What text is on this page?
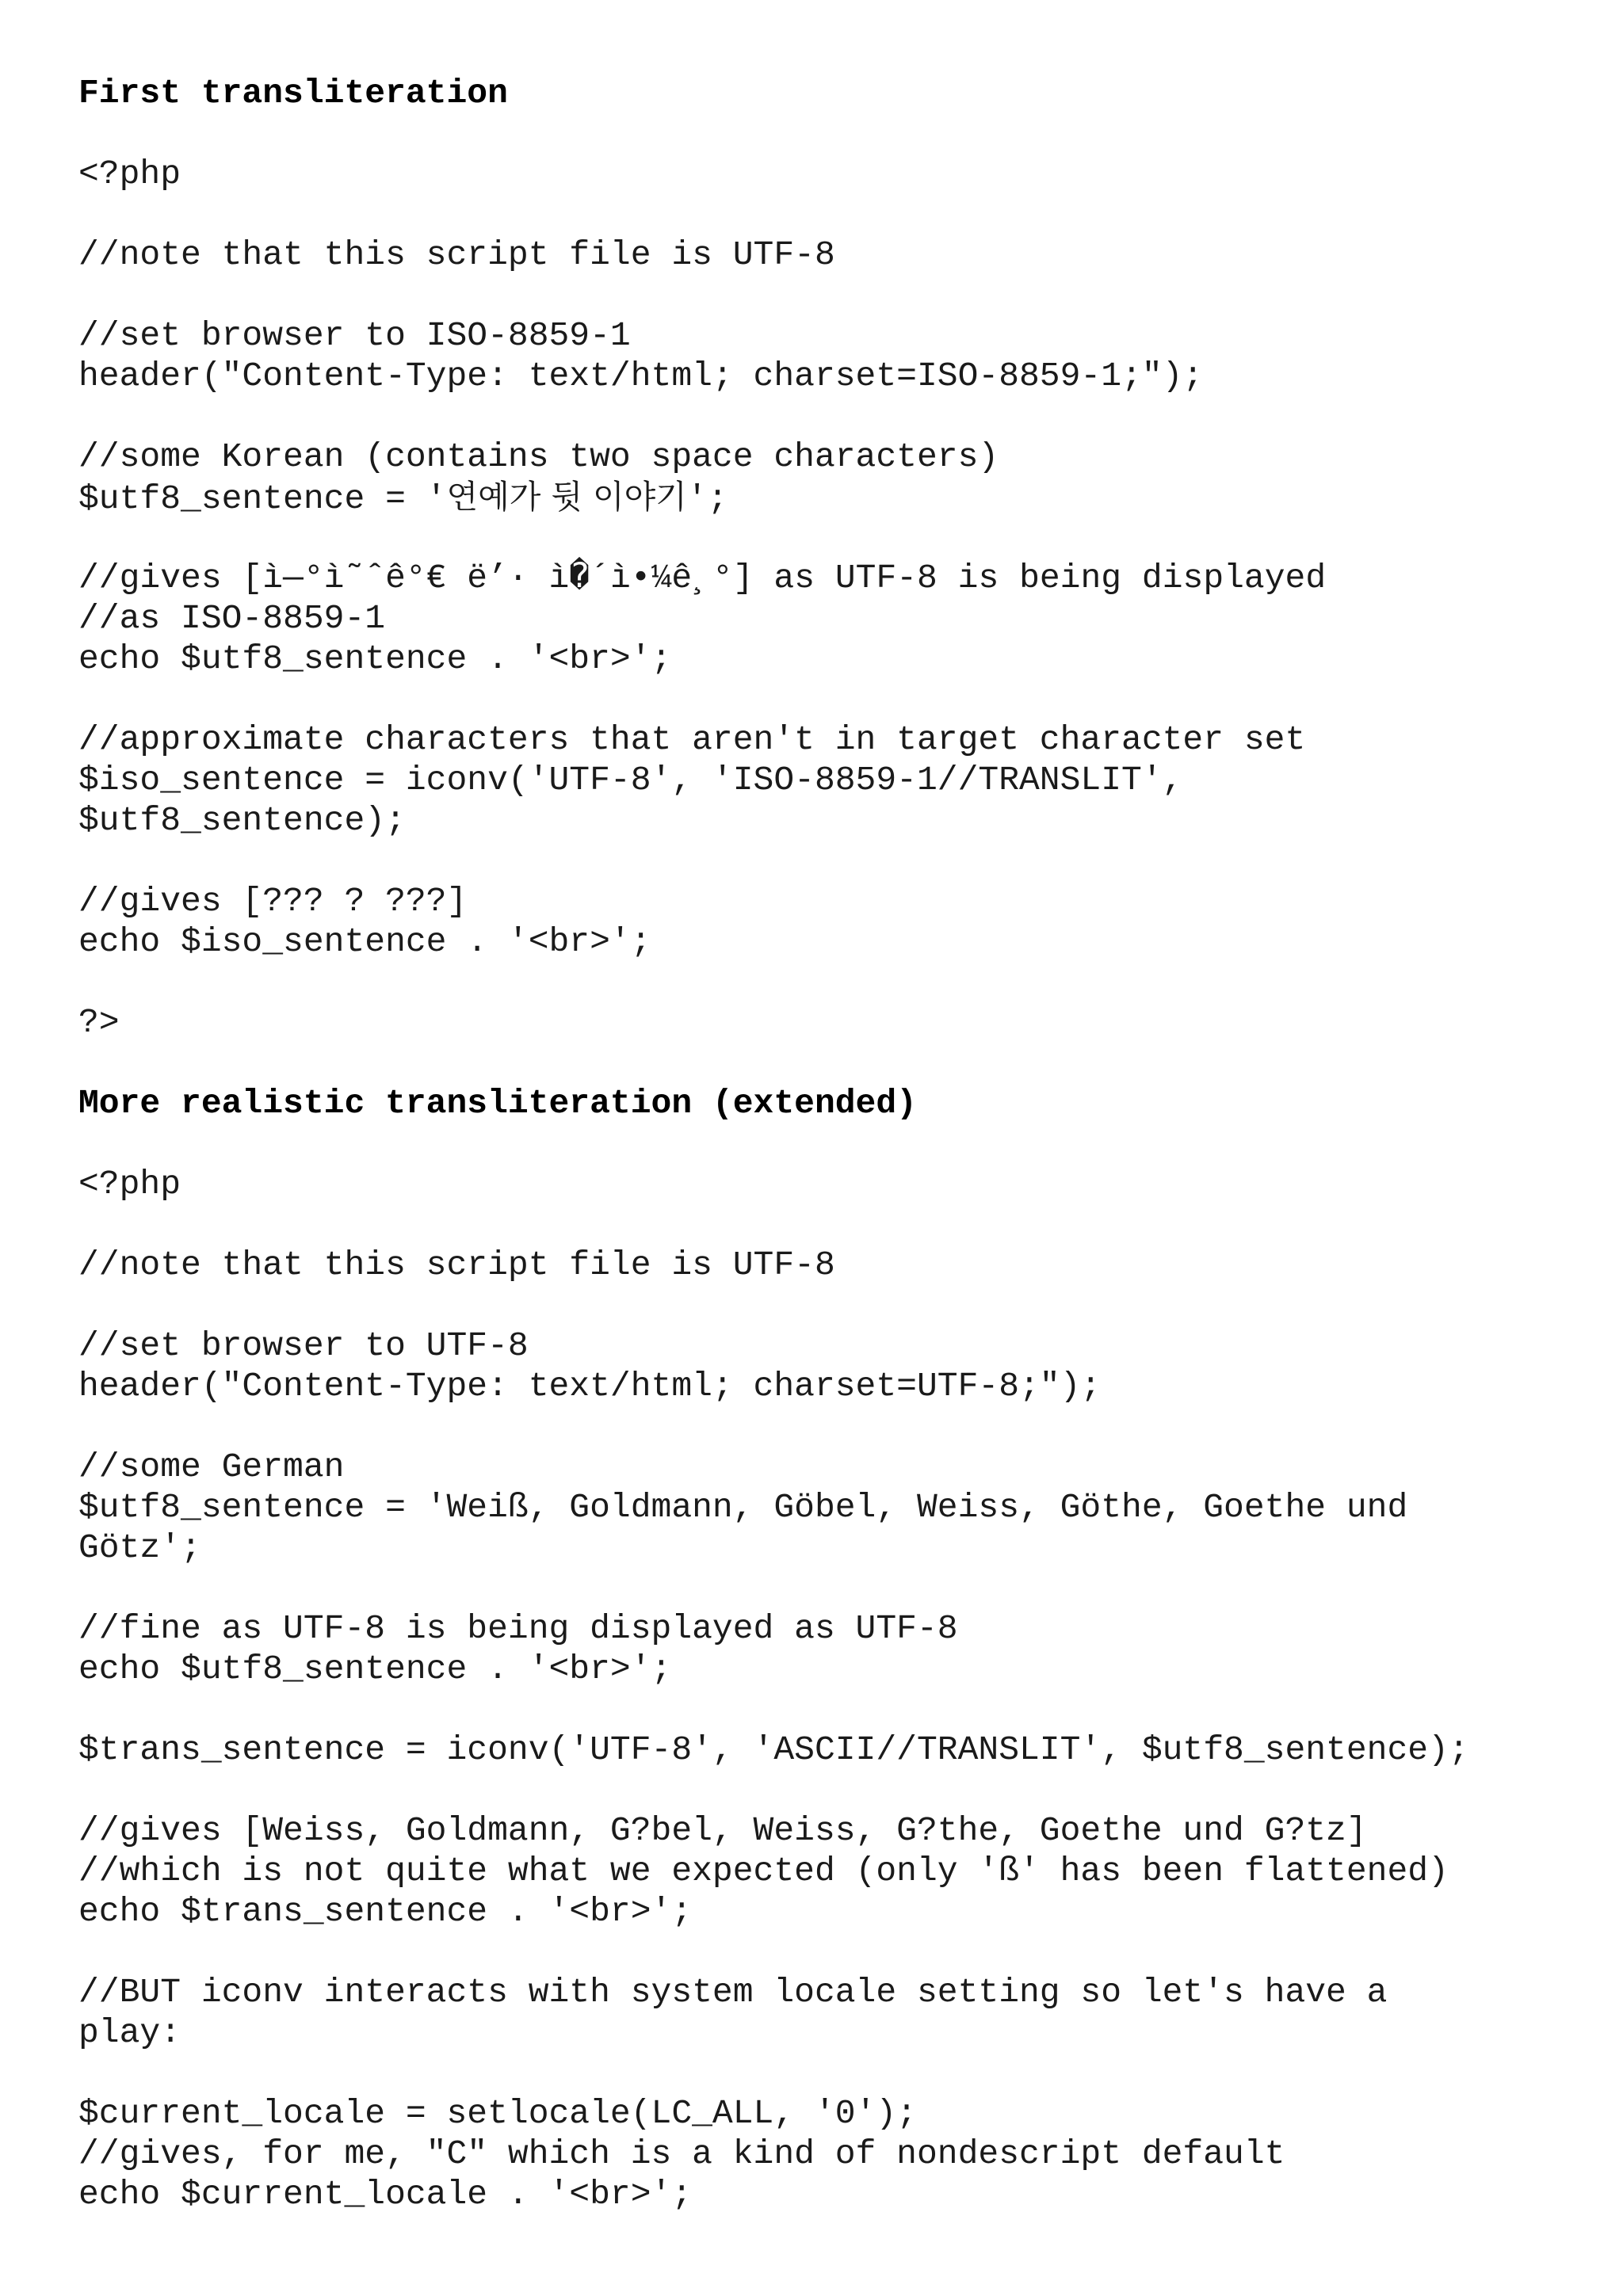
First transliteration
<?php
//note that this script file is UTF-8
//set browser to ISO-8859-1
header("Content-Type: text/html; charset=ISO-8859-1;");
//some Korean (contains two space characters)
$utf8_sentence = '연예가 뒷 이야기';
//gives [ì—°ì˜ˆê°€ ë’· ì�´ì•¼ê¸°] as UTF-8 is being displayed
//as ISO-8859-1
echo $utf8_sentence . '<br>';
//approximate characters that aren't in target character set
$iso_sentence = iconv('UTF-8', 'ISO-8859-1//TRANSLIT',
$utf8_sentence);
//gives [??? ? ???]
echo $iso_sentence . '<br>';
?>
More realistic transliteration (extended)
<?php
//note that this script file is UTF-8
//set browser to UTF-8
header("Content-Type: text/html; charset=UTF-8;");
//some German
$utf8_sentence = 'Weiß, Goldmann, Göbel, Weiss, Göthe, Goethe und
Götz';
//fine as UTF-8 is being displayed as UTF-8
echo $utf8_sentence . '<br>';
$trans_sentence = iconv('UTF-8', 'ASCII//TRANSLIT', $utf8_sentence);
//gives [Weiss, Goldmann, G?bel, Weiss, G?the, Goethe und G?tz]
//which is not quite what we expected (only 'ß' has been flattened)
echo $trans_sentence . '<br>';
//BUT iconv interacts with system locale setting so let's have a
play:
$current_locale = setlocale(LC_ALL, '0');
//gives, for me, "C" which is a kind of nondescript default
echo $current_locale . '<br>';
